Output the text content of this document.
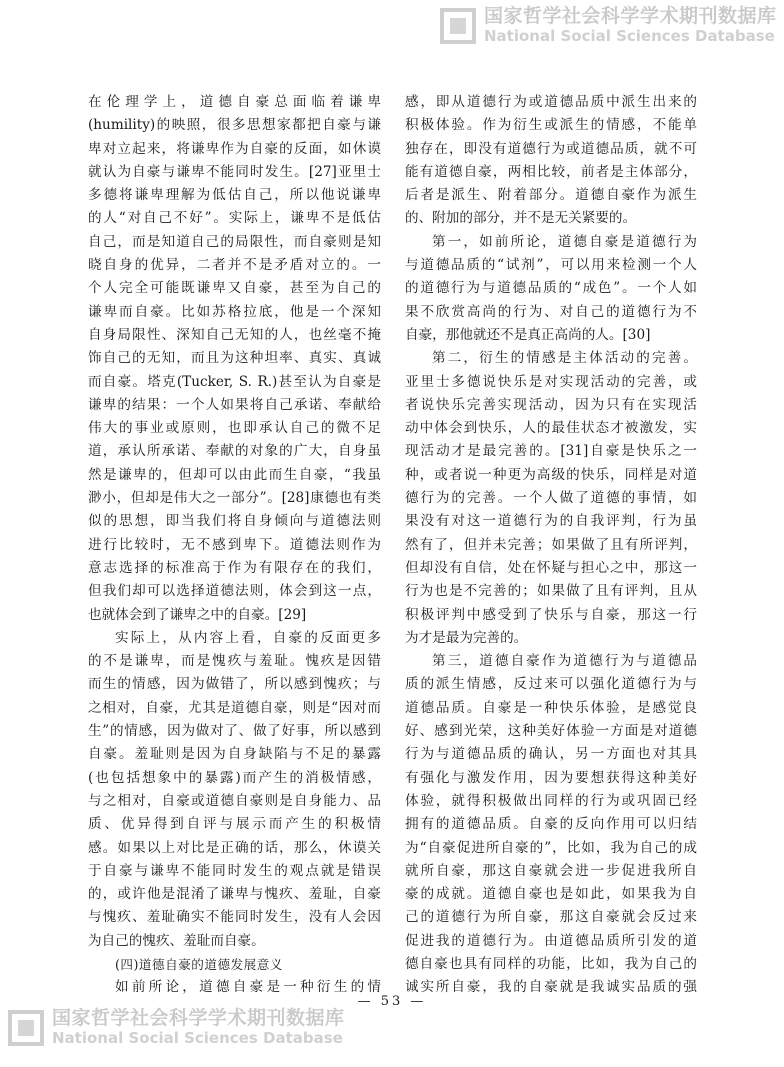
国家哲学社会科学学术期刊数据库
National Social Sciences Database
在伦理学上，道德自豪总面临着谦卑
(humility)的映照，很多思想家都把自豪与谦
卑对立起来，将谦卑作为自豪的反面，如休谟
就认为自豪与谦卑不能同时发生。[27]亚里士
多德将谦卑理解为低估自己，所以他说谦卑
的人“对自己不好”。实际上，谦卑不是低估
自己，而是知道自己的局限性，而自豪则是知
晓自身的优异，二者并不是矛盾对立的。一
个人完全可能既谦卑又自豪，甚至为自己的
谦卑而自豪。比如苏格拉底，他是一个深知
自身局限性、深知自己无知的人，也丝毫不掩
饰自己的无知，而且为这种坦率、真实、真诚
而自豪。塔克(Tucker, S. R.)甚至认为自豪是
谦卑的结果：一个人如果将自己承诺、奉献给
伟大的事业或原则，也即承认自己的微不足
道，承认所承诺、奉献的对象的广大，自身虽
然是谦卑的，但却可以由此而生自豪，“我虽
渺小，但却是伟大之一部分”。[28]康德也有类
似的思想，即当我们将自身倾向与道德法则
进行比较时，无不感到卑下。道德法则作为
意志选择的标准高于作为有限存在的我们，
但我们却可以选择道德法则，体会到这一点，
也就体会到了谦卑之中的自豪。[29]
实际上，从内容上看，自豪的反面更多
的不是谦卑，而是愧疚与羞耻。愧疚是因错
而生的情感，因为做错了，所以感到愧疚；与
之相对，自豪，尤其是道德自豪，则是“因对而
生”的情感，因为做对了、做了好事，所以感到
自豪。羞耻则是因为自身缺陷与不足的暴露
(也包括想象中的暴露)而产生的消极情感，
与之相对，自豪或道德自豪则是自身能力、品
质、优异得到自评与展示而产生的积极情
感。如果以上对比是正确的话，那么，休谟关
于自豪与谦卑不能同时发生的观点就是错误
的，或许他是混淆了谦卑与愧疚、羞耻，自豪
与愧疚、羞耻确实不能同时发生，没有人会因
为自己的愧疚、羞耻而自豪。
(四)道德自豪的道德发展意义
如前所论，道德自豪是一种衍生的情
感，即从道德行为或道德品质中派生出来的
积极体验。作为衍生或派生的情感，不能单
独存在，即没有道德行为或道德品质，就不可
能有道德自豪，两相比较，前者是主体部分，
后者是派生、附着部分。道德自豪作为派生
的、附加的部分，并不是无关紧要的。
第一，如前所论，道德自豪是道德行为
与道德品质的“试剂”，可以用来检测一个人
的道德行为与道德品质的“成色”。一个人如
果不欣赏高尚的行为、对自己的道德行为不
自豪，那他就还不是真正高尚的人。[30]
第二，衍生的情感是主体活动的完善。
亚里士多德说快乐是对实现活动的完善，或
者说快乐完善实现活动，因为只有在实现活
动中体会到快乐，人的最佳状态才被激发，实
现活动才是最完善的。[31]自豪是快乐之一
种，或者说一种更为高级的快乐，同样是对道
德行为的完善。一个人做了道德的事情，如
果没有对这一道德行为的自我评判，行为虽
然有了，但并未完善；如果做了且有所评判，
但却没有自信，处在怀疑与担心之中，那这一
行为也是不完善的；如果做了且有评判，且从
积极评判中感受到了快乐与自豪，那这一行
为才是最为完善的。
第三，道德自豪作为道德行为与道德品
质的派生情感，反过来可以强化道德行为与
道德品质。自豪是一种快乐体验，是感觉良
好、感到光荣，这种美好体验一方面是对道德
行为与道德品质的确认，另一方面也对其具
有强化与激发作用，因为要想获得这种美好
体验，就得积极做出同样的行为或巩固已经
拥有的道德品质。自豪的反向作用可以归结
为“自豪促进所自豪的”，比如，我为自己的成
就所自豪，那这自豪就会进一步促进我所自
豪的成就。道德自豪也是如此，如果我为自
己的道德行为所自豪，那这自豪就会反过来
促进我的道德行为。由道德品质所引发的道
德自豪也具有同样的功能，比如，我为自己的
诚实所自豪，我的自豪就是我诚实品质的强
— 53 —
国家哲学社会科学学术期刊数据库
National Social Sciences Database
